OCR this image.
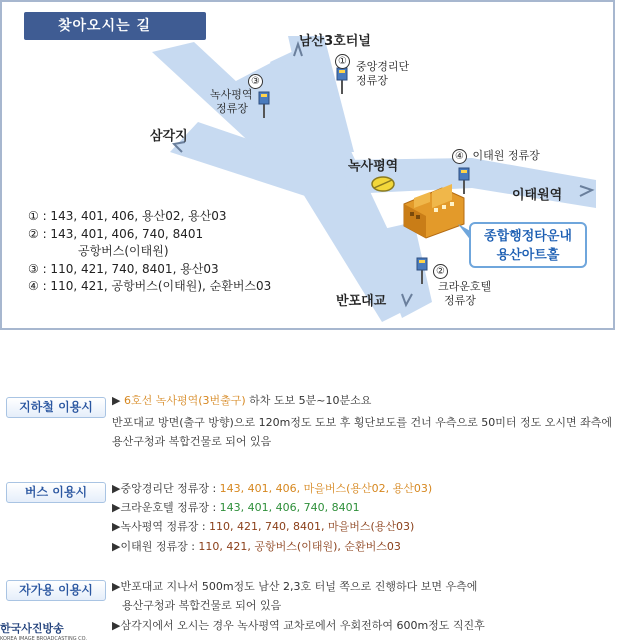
찾아오시는 길
남산3호터널
삼각지
녹사평역
이태원역
반포대교
① 중앙경리단
정류장
③
녹사평역
정류장
④ 이태원 정류장
②
크라운호텔
정류장
종합행정타운내
용산아트홀
① : 143, 401, 406, 용산02, 용산03
② : 143, 401, 406, 740, 8401
공항버스(이태원)
③ : 110, 421, 740, 8401, 용산03
④ : 110, 421, 공항버스(이태원), 순환버스03
지하철 이용시	▶ 6호선 녹사평역(3번출구) 하차 도보 5분~10분소요
반포대교 방면(출구 방향)으로 120m정도 도보 후 횡단보도를 건너 우측으로 50미터 정도 오시면 좌측에
용산구청과 복합건물로 되어 있음
버스 이용시	▶중앙경리단 정류장 : 143, 401, 406, 마을버스(용산02, 용산03)
▶크라운호텔 정류장 : 143, 401, 406, 740, 8401
▶녹사평역 정류장 : 110, 421, 740, 8401, 마을버스(용산03)
▶이태원 정류장 : 110, 421, 공항버스(이태원), 순환버스03
자가용 이용시	▶반포대교 지나서 500m정도 남산 2,3호 터널 쪽으로 진행하다 보면 우측에
용산구청과 복합건물로 되어 있음
▶삼각지에서 오시는 경우 녹사평역 교차로에서 우회전하여 600m정도 직진후
한국사진방송
KOREA IMAGE BROADCASTING CO.
